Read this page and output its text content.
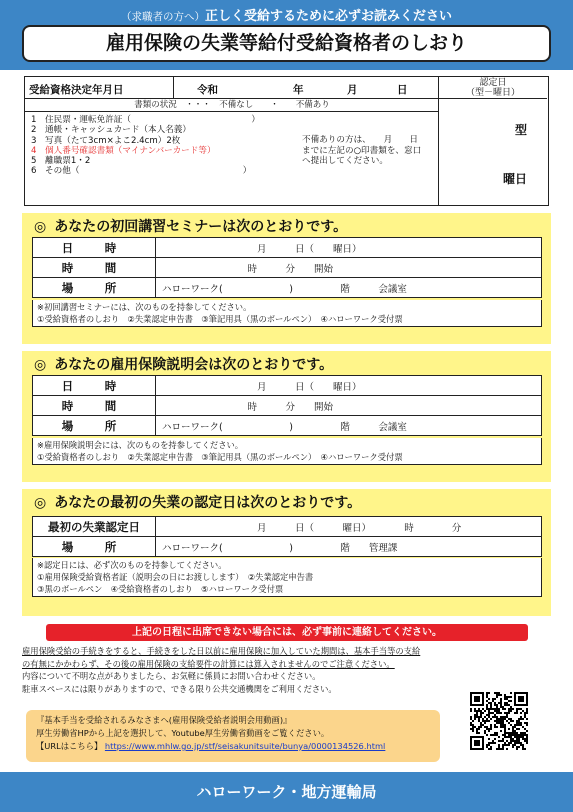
（求職者の方へ）正しく受給するために必ずお読みください
雇用保険の失業等給付受給資格者のしおり
受給資格決定年月日	令和	年	月	日
認定日
（型－曜日）
書類の状況　・・・　不備なし　　・　　不備あり
1　住民票・運転免許証（　　　　　　　　　　　　　　）
2　通帳・キャッシュカード（本人名義）
3　写真（たて3cm×よこ2.4cm）2枚
4　個人番号確認書類（マイナンバーカード等）
5　離職票1・2
6　その他（　　　　　　　　　　　　　　　　　　　）
不備ありの方は、　　月　　日
までに左記の○印書類を、窓口
へ提出してください。
型
曜日
◎ あなたの初回講習セミナーは次のとおりです。
日　時	　　　　　　　　　　月　　　日（　　曜日）
時　間	　　　　　　　　　時　　　分　　開始
場　所	ハローワーク(　　　　　　　)　　　　　階　　　会議室
※初回講習セミナーには、次のものを持参してください。
①受給資格者のしおり　②失業認定申告書　③筆記用具（黒のボールペン）　④ハローワーク受付票
◎ あなたの雇用保険説明会は次のとおりです。
日　時	　　　　　　　　　　月　　　日（　　曜日）
時　間	　　　　　　　　　時　　　分　　開始
場　所	ハローワーク(　　　　　　　)　　　　　階　　　会議室
※雇用保険説明会には、次のものを持参してください。
①受給資格者のしおり　②失業認定申告書　③筆記用具（黒のボールペン）　④ハローワーク受付票
◎ あなたの最初の失業の認定日は次のとおりです。
最初の失業認定日	　　　　　　　　　　月　　　日（　　　曜日）　　　　時　　　　分
場　所	ハローワーク(　　　　　　　)　　　　　階　　管理課
※認定日には、必ず次のものを持参してください。
①雇用保険受給資格者証（説明会の日にお渡しします）　②失業認定申告書
③黒のボールペン　④受給資格者のしおり　⑤ハローワーク受付票
上記の日程に出席できない場合には、必ず事前に連絡してください。
雇用保険受給の手続きをすると、手続きをした日以前に雇用保険に加入していた期間は、基本手当等の支給
の有無にかかわらず、その後の雇用保険の支給要件の計算には算入されませんのでご注意ください。
内容について不明な点がありましたら、お気軽に係員にお問い合わせください。
駐車スペースには限りがありますので、できる限り公共交通機関をご利用ください。
『基本手当を受給されるみなさまへ(雇用保険受給者説明会用動画)』
厚生労働省HPから上記を選択して、Youtube厚生労働省動画をご覧ください。
【URLはこちら】 https://www.mhlw.go.jp/stf/seisakunitsuite/bunya/0000134526.html
ハローワーク・地方運輸局
